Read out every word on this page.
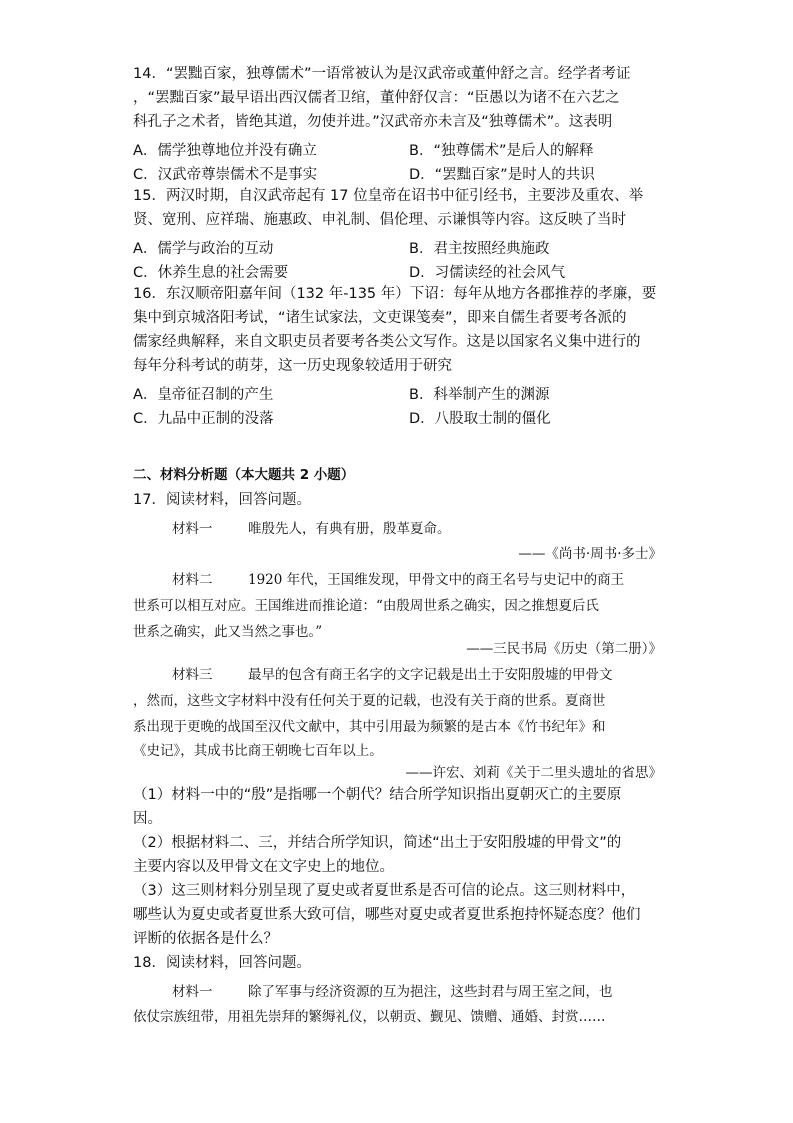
14．“罢黜百家，独尊儒术”一语常被认为是汉武帝或董仲舒之言。经学者考证
，“罢黜百家”最早语出西汉儒者卫绾，董仲舒仅言：“臣愚以为诸不在六艺之
科孔子之术者，皆绝其道，勿使并进。”汉武帝亦未言及“独尊儒术”。这表明
A．儒学独尊地位并没有确立	B．“独尊儒术”是后人的解释
C．汉武帝尊崇儒术不是事实	D．“罢黜百家”是时人的共识
15．两汉时期，自汉武帝起有 17 位皇帝在诏书中征引经书，主要涉及重农、举
贤、宽刑、应祥瑞、施惠政、申礼制、倡伦理、示谦惧等内容。这反映了当时
A．儒学与政治的互动	B．君主按照经典施政
C．休养生息的社会需要	D．习儒读经的社会风气
16．东汉顺帝阳嘉年间（132 年-135 年）下诏：每年从地方各郡推荐的孝廉，要
集中到京城洛阳考试，“诸生试家法，文吏课笺奏”，即来自儒生者要考各派的
儒家经典解释，来自文职吏员者要考各类公文写作。这是以国家名义集中进行的
每年分科考试的萌芽，这一历史现象较适用于研究
A．皇帝征召制的产生	B．科举制产生的渊源
C．九品中正制的没落	D．八股取士制的僵化
二、材料分析题（本大题共 2 小题）
17．阅读材料，回答问题。
材料一	唯殷先人，有典有册，殷革夏命。
——《尚书·周书·多士》
材料二	1920 年代，王国维发现，甲骨文中的商王名号与史记中的商王
世系可以相互对应。王国维进而推论道：“由殷周世系之确实，因之推想夏后氏
世系之确实，此又当然之事也。”
——三民书局《历史（第二册）》
材料三	最早的包含有商王名字的文字记载是出土于安阳殷墟的甲骨文
，然而，这些文字材料中没有任何关于夏的记载，也没有关于商的世系。夏商世
系出现于更晚的战国至汉代文献中，其中引用最为频繁的是古本《竹书纪年》和
《史记》，其成书比商王朝晚七百年以上。
——许宏、刘莉《关于二里头遗址的省思》
（1）材料一中的“殷”是指哪一个朝代？结合所学知识指出夏朝灭亡的主要原
因。
（2）根据材料二、三，并结合所学知识，简述“出土于安阳殷墟的甲骨文”的
主要内容以及甲骨文在文字史上的地位。
（3）这三则材料分别呈现了夏史或者夏世系是否可信的论点。这三则材料中，
哪些认为夏史或者夏世系大致可信，哪些对夏史或者夏世系抱持怀疑态度？他们
评断的依据各是什么？
18．阅读材料，回答问题。
材料一	除了军事与经济资源的互为挹注，这些封君与周王室之间，也
依仗宗族纽带，用祖先崇拜的繁缛礼仪，以朝贡、觐见、馈赠、通婚、封赏……
